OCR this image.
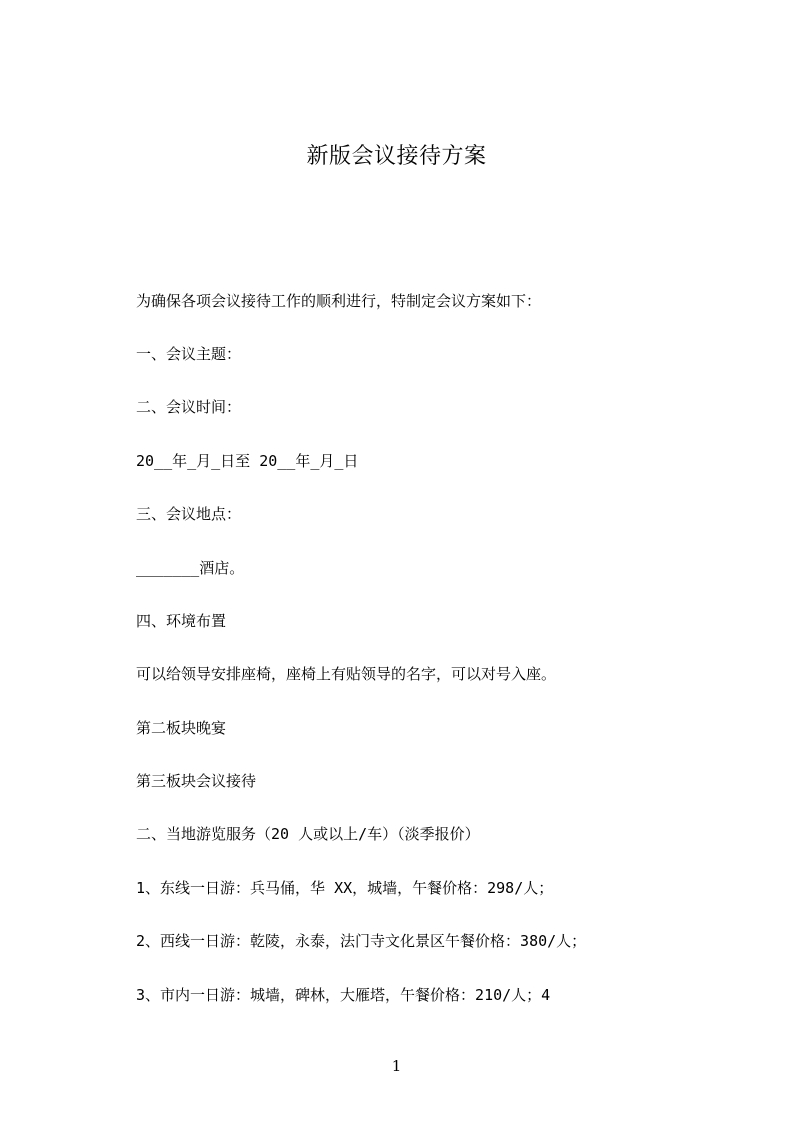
新版会议接待方案
为确保各项会议接待工作的顺利进行，特制定会议方案如下：
一、会议主题：
二、会议时间：
20__年_月_日至 20__年_月_日
三、会议地点：
_______酒店。
四、环境布置
可以给领导安排座椅，座椅上有贴领导的名字，可以对号入座。
第二板块晚宴
第三板块会议接待
二、当地游览服务（20 人或以上/车）（淡季报价）
1、东线一日游：兵马俑，华 XX，城墙，午餐价格：298/人；
2、西线一日游：乾陵，永泰，法门寺文化景区午餐价格：380/人；
3、市内一日游：城墙，碑林，大雁塔，午餐价格：210/人；4
1
